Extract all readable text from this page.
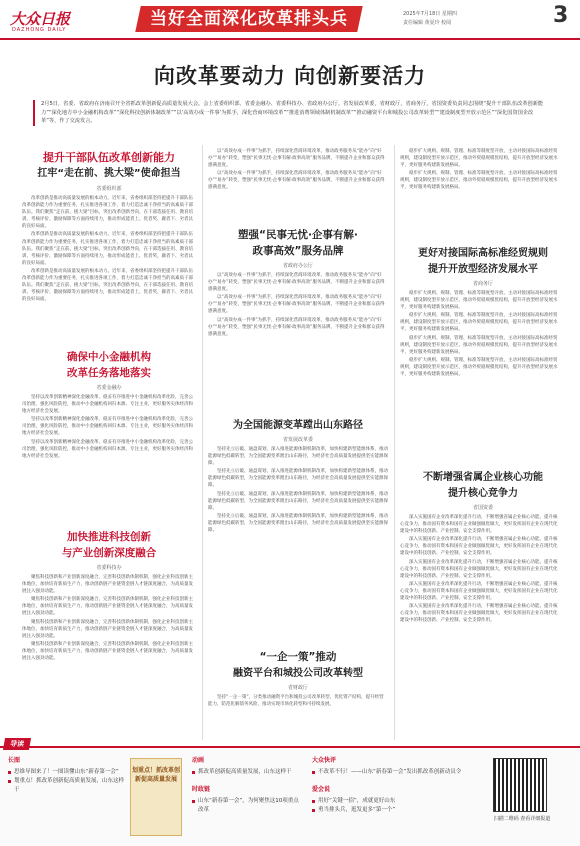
大众日报
DAZHONG DAILY
当好全面深化改革排头兵	2025年7月18日 星期四
责任编辑 黄夏玲 校阅	3
向改革要动力 向创新要活力
2月5日，省委、省政府在济南召开全省抓改革创新促高质量发展大会。会上省委组织部、省委金融办、省委科技办、省政府办公厅，省发展改革委，省财政厅，省商务厅，省国资委负责同志围绕“提升干部队伍改革创新能力”“深化地方中小金融机构改革”“深化科技创新体制改革”“以‘高效办成一件事’为抓手，深化营商环境改革”“推进消费领域体制机制改革”“推动融资平台和城投公司改革转型”“建设制度型开放示范区”“深化国资国企改革”等，作了交流发言。
提升干部队伍改革创新能力
扛牢“走在前、挑大梁”使命担当
省委组织部

改革创新是推动高质量发展的根本动力。近年来，省委组织部坚持把提升干部队伍改革创新能力作为重要任务，扎实推进各项工作，着力打造忠诚干净担当的高素质干部队伍。我们聚焦“走在前、挑大梁”目标，突出改革创新导向，在干部选拔任用、教育培训、考核评价、激励保障等方面持续用力，推动形成能者上、优者奖、庸者下、劣者汰的良好局面。

改革创新是推动高质量发展的根本动力。近年来，省委组织部坚持把提升干部队伍改革创新能力作为重要任务，扎实推进各项工作，着力打造忠诚干净担当的高素质干部队伍。我们聚焦“走在前、挑大梁”目标，突出改革创新导向，在干部选拔任用、教育培训、考核评价、激励保障等方面持续用力，推动形成能者上、优者奖、庸者下、劣者汰的良好局面。

改革创新是推动高质量发展的根本动力。近年来，省委组织部坚持把提升干部队伍改革创新能力作为重要任务，扎实推进各项工作，着力打造忠诚干净担当的高素质干部队伍。我们聚焦“走在前、挑大梁”目标，突出改革创新导向，在干部选拔任用、教育培训、考核评价、激励保障等方面持续用力，推动形成能者上、优者奖、庸者下、劣者汰的良好局面。

确保中小金融机构
改革任务落地落实
省委金融办

坚持以改革创新精神深化金融改革，稳妥有序推进中小金融机构改革化险，完善公司治理，强化风险防控，推动中小金融机构回归本源、专注主业，更好服务实体经济和地方经济社会发展。

坚持以改革创新精神深化金融改革，稳妥有序推进中小金融机构改革化险，完善公司治理，强化风险防控，推动中小金融机构回归本源、专注主业，更好服务实体经济和地方经济社会发展。

坚持以改革创新精神深化金融改革，稳妥有序推进中小金融机构改革化险，完善公司治理，强化风险防控，推动中小金融机构回归本源、专注主业，更好服务实体经济和地方经济社会发展。

加快推进科技创新
与产业创新深度融合
省委科技办

聚焦科技创新和产业创新深度融合，完善科技创新体制机制，强化企业科技创新主体地位，加快培育新质生产力，推动创新链产业链资金链人才链深度融合，为高质量发展注入强劲动能。

聚焦科技创新和产业创新深度融合，完善科技创新体制机制，强化企业科技创新主体地位，加快培育新质生产力，推动创新链产业链资金链人才链深度融合，为高质量发展注入强劲动能。

聚焦科技创新和产业创新深度融合，完善科技创新体制机制，强化企业科技创新主体地位，加快培育新质生产力，推动创新链产业链资金链人才链深度融合，为高质量发展注入强劲动能。

聚焦科技创新和产业创新深度融合，完善科技创新体制机制，强化企业科技创新主体地位，加快培育新质生产力，推动创新链产业链资金链人才链深度融合，为高质量发展注入强劲动能。

以“高效办成一件事”为抓手，持续深化营商环境改革，推动政务服务从“能办”向“好办”“易办”转变，塑强“民事无忧·企事有解·政事高效”服务品牌，不断提升企业和群众获得感满意度。

以“高效办成一件事”为抓手，持续深化营商环境改革，推动政务服务从“能办”向“好办”“易办”转变，塑强“民事无忧·企事有解·政事高效”服务品牌，不断提升企业和群众获得感满意度。

塑强“民事无忧·企事有解·
政事高效”服务品牌
省政府办公厅

以“高效办成一件事”为抓手，持续深化营商环境改革，推动政务服务从“能办”向“好办”“易办”转变，塑强“民事无忧·企事有解·政事高效”服务品牌，不断提升企业和群众获得感满意度。

以“高效办成一件事”为抓手，持续深化营商环境改革，推动政务服务从“能办”向“好办”“易办”转变，塑强“民事无忧·企事有解·政事高效”服务品牌，不断提升企业和群众获得感满意度。

以“高效办成一件事”为抓手，持续深化营商环境改革，推动政务服务从“能办”向“好办”“易办”转变，塑强“民事无忧·企事有解·政事高效”服务品牌，不断提升企业和群众获得感满意度。

为全国能源变革蹚出山东路径
省发展改革委

坚持先立后破、通盘谋划，深入推进能源体制机制改革，加快构建新型能源体系，推动能源绿色低碳转型，为全国能源变革蹚出山东路径，为经济社会高质量发展提供坚实能源保障。

坚持先立后破、通盘谋划，深入推进能源体制机制改革，加快构建新型能源体系，推动能源绿色低碳转型，为全国能源变革蹚出山东路径，为经济社会高质量发展提供坚实能源保障。

坚持先立后破、通盘谋划，深入推进能源体制机制改革，加快构建新型能源体系，推动能源绿色低碳转型，为全国能源变革蹚出山东路径，为经济社会高质量发展提供坚实能源保障。

坚持先立后破、通盘谋划，深入推进能源体制机制改革，加快构建新型能源体系，推动能源绿色低碳转型，为全国能源变革蹚出山东路径，为经济社会高质量发展提供坚实能源保障。

“一企一策”推动
融资平台和城投公司改革转型
省财政厅

坚持“一企一策”，分类推动融资平台和城投公司改革转型，优化资产结构，提升经营能力，防范化解债务风险，推动实现市场化转型和可持续发展。

稳步扩大规则、规制、管理、标准等制度型开放，主动对接国际高标准经贸规则，建设制度型开放示范区，推动外贸稳规模优结构，提升开放型经济发展水平，更好服务构建新发展格局。

稳步扩大规则、规制、管理、标准等制度型开放，主动对接国际高标准经贸规则，建设制度型开放示范区，推动外贸稳规模优结构，提升开放型经济发展水平，更好服务构建新发展格局。

更好对接国际高标准经贸规则
提升开放型经济发展水平
省商务厅

稳步扩大规则、规制、管理、标准等制度型开放，主动对接国际高标准经贸规则，建设制度型开放示范区，推动外贸稳规模优结构，提升开放型经济发展水平，更好服务构建新发展格局。

稳步扩大规则、规制、管理、标准等制度型开放，主动对接国际高标准经贸规则，建设制度型开放示范区，推动外贸稳规模优结构，提升开放型经济发展水平，更好服务构建新发展格局。

稳步扩大规则、规制、管理、标准等制度型开放，主动对接国际高标准经贸规则，建设制度型开放示范区，推动外贸稳规模优结构，提升开放型经济发展水平，更好服务构建新发展格局。

稳步扩大规则、规制、管理、标准等制度型开放，主动对接国际高标准经贸规则，建设制度型开放示范区，推动外贸稳规模优结构，提升开放型经济发展水平，更好服务构建新发展格局。

不断增强省属企业核心功能
提升核心竞争力
省国资委

深入实施国有企业改革深化提升行动，不断增强省属企业核心功能、提升核心竞争力，推动国有资本和国有企业做强做优做大，更好发挥国有企业在现代化建设中的科技创新、产业控制、安全支撑作用。

深入实施国有企业改革深化提升行动，不断增强省属企业核心功能、提升核心竞争力，推动国有资本和国有企业做强做优做大，更好发挥国有企业在现代化建设中的科技创新、产业控制、安全支撑作用。

深入实施国有企业改革深化提升行动，不断增强省属企业核心功能、提升核心竞争力，推动国有资本和国有企业做强做优做大，更好发挥国有企业在现代化建设中的科技创新、产业控制、安全支撑作用。

深入实施国有企业改革深化提升行动，不断增强省属企业核心功能、提升核心竞争力，推动国有资本和国有企业做强做优做大，更好发挥国有企业在现代化建设中的科技创新、产业控制、安全支撑作用。

深入实施国有企业改革深化提升行动，不断增强省属企业核心功能、提升核心竞争力，推动国有资本和国有企业做强做优做大，更好发挥国有企业在现代化建设中的科技创新、产业控制、安全支撑作用。

导读
长图
思维导图来了！一图读懂山东“新春第一会”
划重点！抓改革创新促高质量发展，山东这样干
划重点！抓改革创新促高质量发展
动画
抓改革创新促高质量发展，山东这样干
时政链
山东“新春第一会”，为何聚焦这10项重点改革
大众快评
不改革不行！——山东“新春第一会”发出抓改革创新动员令
爱会说
用好“关键一招”，成就更好山东
勇当排头兵，逛发更多“第一个”
扫描二维码 查看详细报道
